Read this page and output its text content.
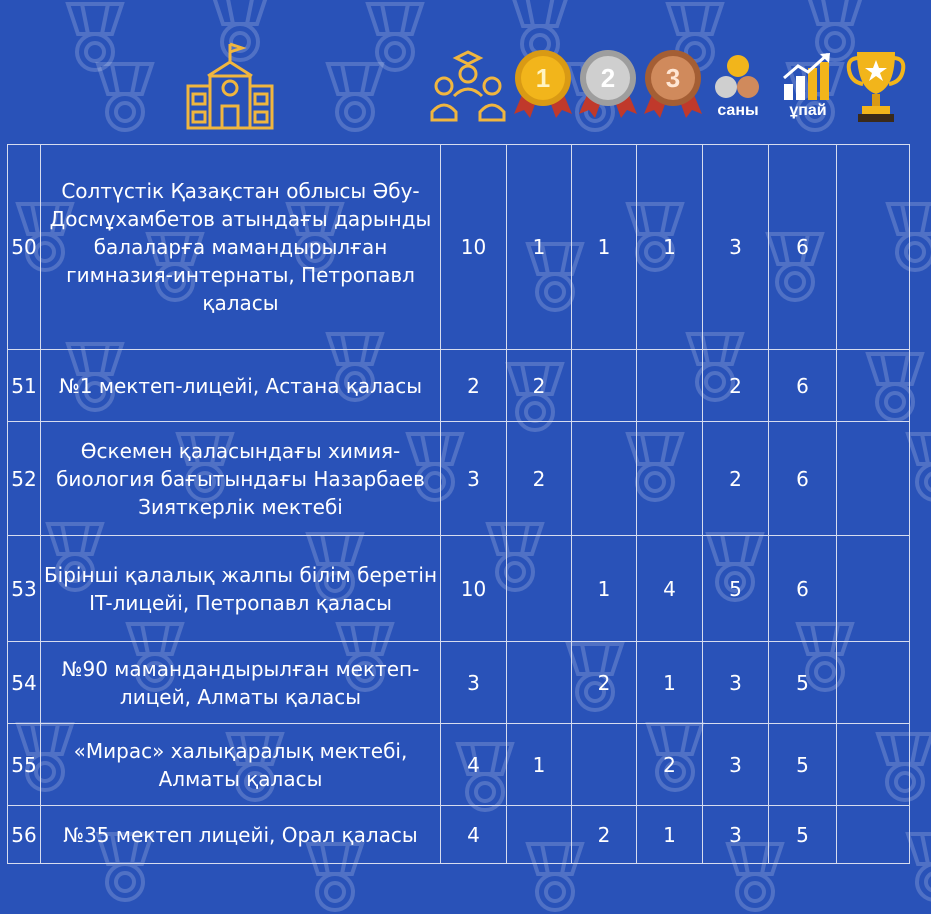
1 2 3
саны	ұпай
50	Солтүстік Қазақстан облысы Әбу-Досмұхамбетов атындағы дарынды балаларға мамандырылған гимназия-интернаты, Петропавл қаласы	10	1	1	1	3	6	
51	№1 мектеп-лицейі, Астана қаласы	2	2			2	6	
52	Өскемен қаласындағы химия-биология бағытындағы Назарбаев Зияткерлік мектебі	3	2			2	6	
53	Бірінші қалалық жалпы білім беретін IT-лицейі, Петропавл қаласы	10		1	4	5	6	
54	№90 мамандандырылған мектеп-лицей, Алматы қаласы	3		2	1	3	5	
55	«Мирас» халықаралық мектебі, Алматы қаласы	4	1		2	3	5	
56	№35 мектеп лицейі, Орал қаласы	4		2	1	3	5	
